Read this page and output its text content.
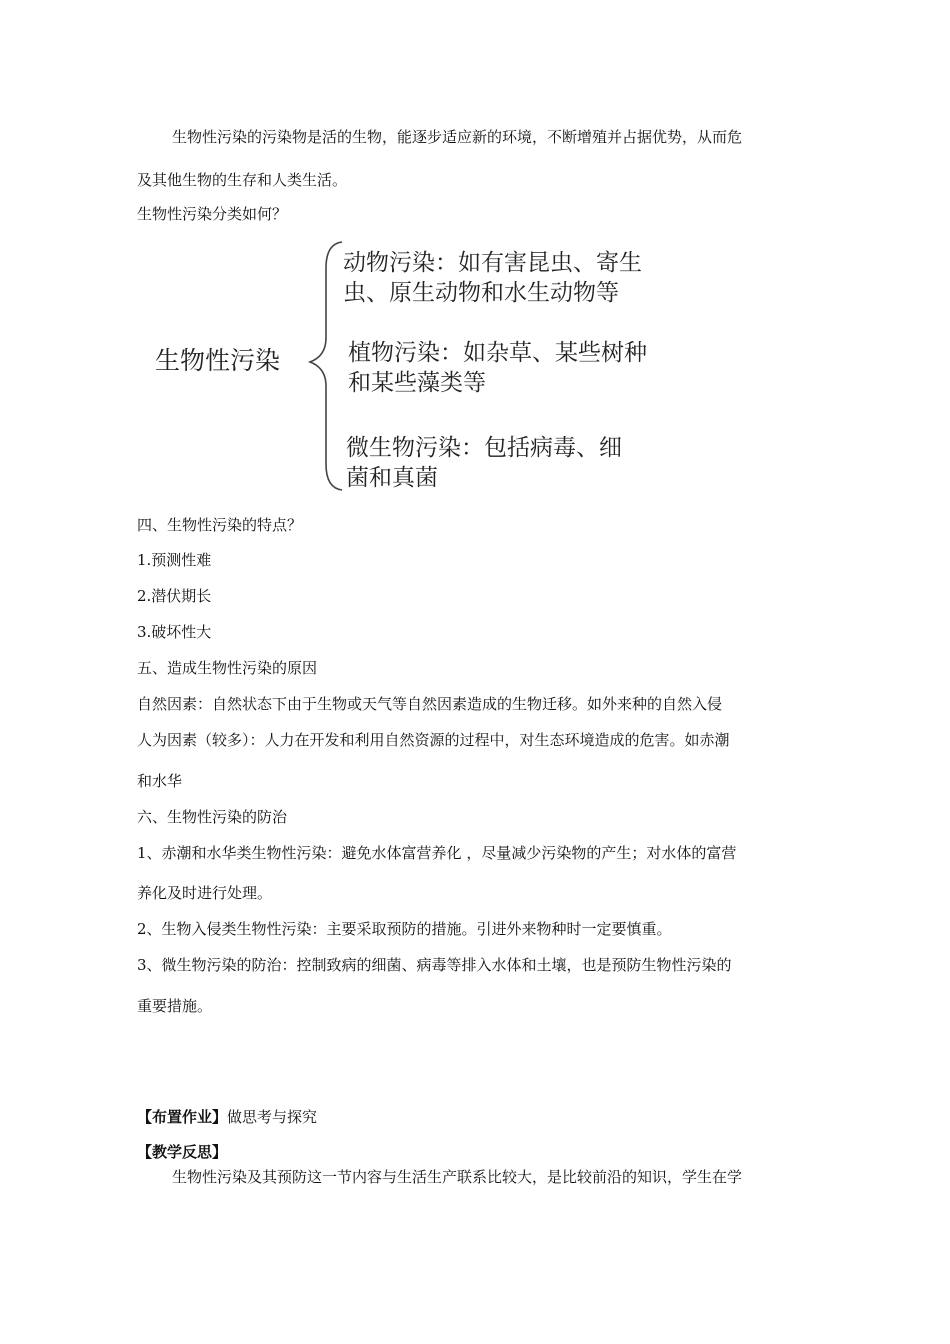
生物性污染的污染物是活的生物，能逐步适应新的环境，不断增殖并占据优势，从而危
及其他生物的生存和人类生活。
生物性污染分类如何？
生物性污染
动物污染：如有害昆虫、寄生
虫、原生动物和水生动物等
植物污染：如杂草、某些树种
和某些藻类等
微生物污染：包括病毒、细
菌和真菌
四、生物性污染的特点？
1.预测性难
2.潜伏期长
3.破坏性大
五、造成生物性污染的原因
自然因素：自然状态下由于生物或天气等自然因素造成的生物迁移。如外来种的自然入侵
人为因素（较多）：人力在开发和利用自然资源的过程中，对生态环境造成的危害。如赤潮
和水华
六、生物性污染的防治
1、赤潮和水华类生物性污染：避免水体富营养化 ，尽量减少污染物的产生；对水体的富营
养化及时进行处理。
2、生物入侵类生物性污染：主要采取预防的措施。引进外来物种时一定要慎重。
3、微生物污染的防治：控制致病的细菌、病毒等排入水体和土壤，也是预防生物性污染的
重要措施。
【布置作业】做思考与探究
【教学反思】
生物性污染及其预防这一节内容与生活生产联系比较大，是比较前沿的知识，学生在学
